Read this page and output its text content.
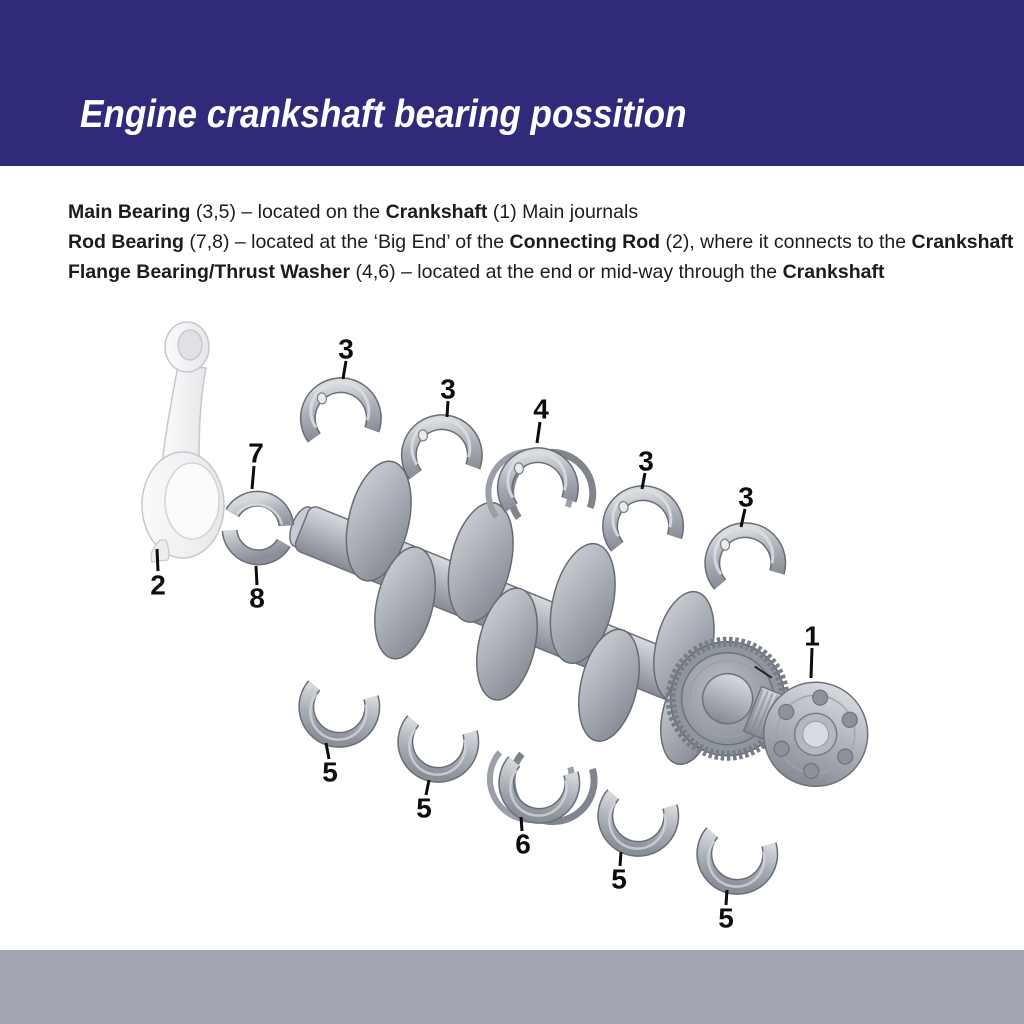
Engine crankshaft bearing possition
Main Bearing (3,5) – located on the Crankshaft (1) Main journals
Rod Bearing (7,8) – located at the ‘Big End’ of the Connecting Rod (2), where it connects to the Crankshaft
Flange Bearing/Thrust Washer (4,6) – located at the end or mid-way through the Crankshaft
1
2
3
3
3
3
4
5
5
5
5
6
7
8
